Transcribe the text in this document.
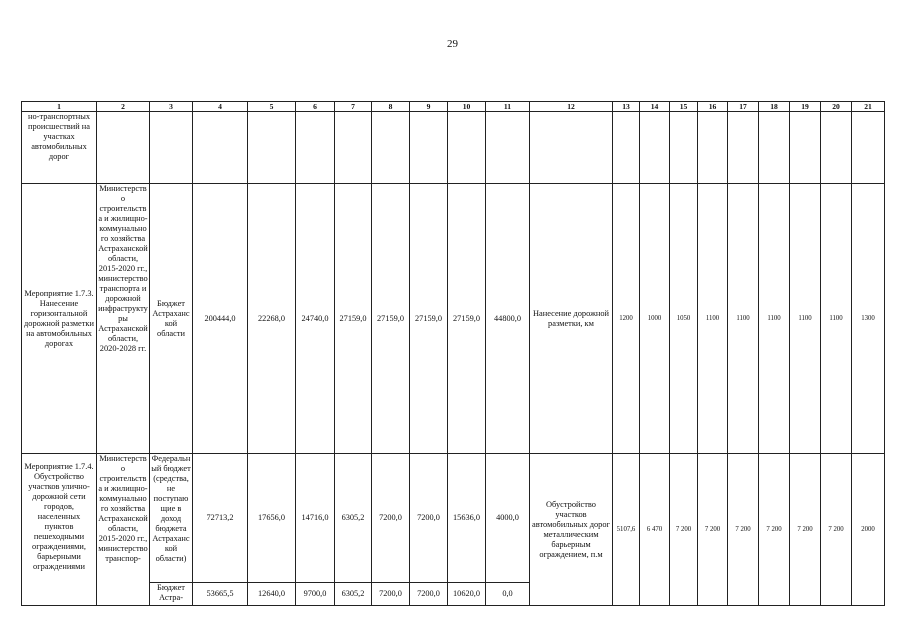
29
1	2	3	4	5	6	7	8	9	10	11	12	13	14	15	16	17	18	19	20	21
но-транспортных происшествий на участках автомобильных дорог																				
Мероприятие 1.7.3. Нанесение горизонтальной дорожной разметки на автомобильных дорогах	Министерство строительства и жилищно-коммунального хозяйства Астраханской области, 2015-2020 гг., министерство транспорта и дорожной инфраструктуры Астраханской области, 2020-2028 гг.	Бюджет Астраханской области	200444,0	22268,0	24740,0	27159,0	27159,0	27159,0	27159,0	44800,0	Нанесение дорожной разметки, км	1200	1000	1050	1100	1100	1100	1100	1100	1300
Мероприятие 1.7.4. Обустройство участков улично-дорожной сети городов, населенных пунктов пешеходными ограждениями, барьерными ограждениями	Министерство строительства и жилищно-коммунального хозяйства Астраханской области, 2015-2020 гг., министерство транспор-	Федеральный бюджет (средства, не поступающие в доход бюджета Астраханской области)	72713,2	17656,0	14716,0	6305,2	7200,0	7200,0	15636,0	4000,0	Обустройство участков автомобильных дорог металлическим барьерным ограждением, п.м	5107,6	6 470	7 200	7 200	7 200	7 200	7 200	7 200	2000
		Бюджет Астра-	53665,5	12640,0	9700,0	6305,2	7200,0	7200,0	10620,0	0,0										
